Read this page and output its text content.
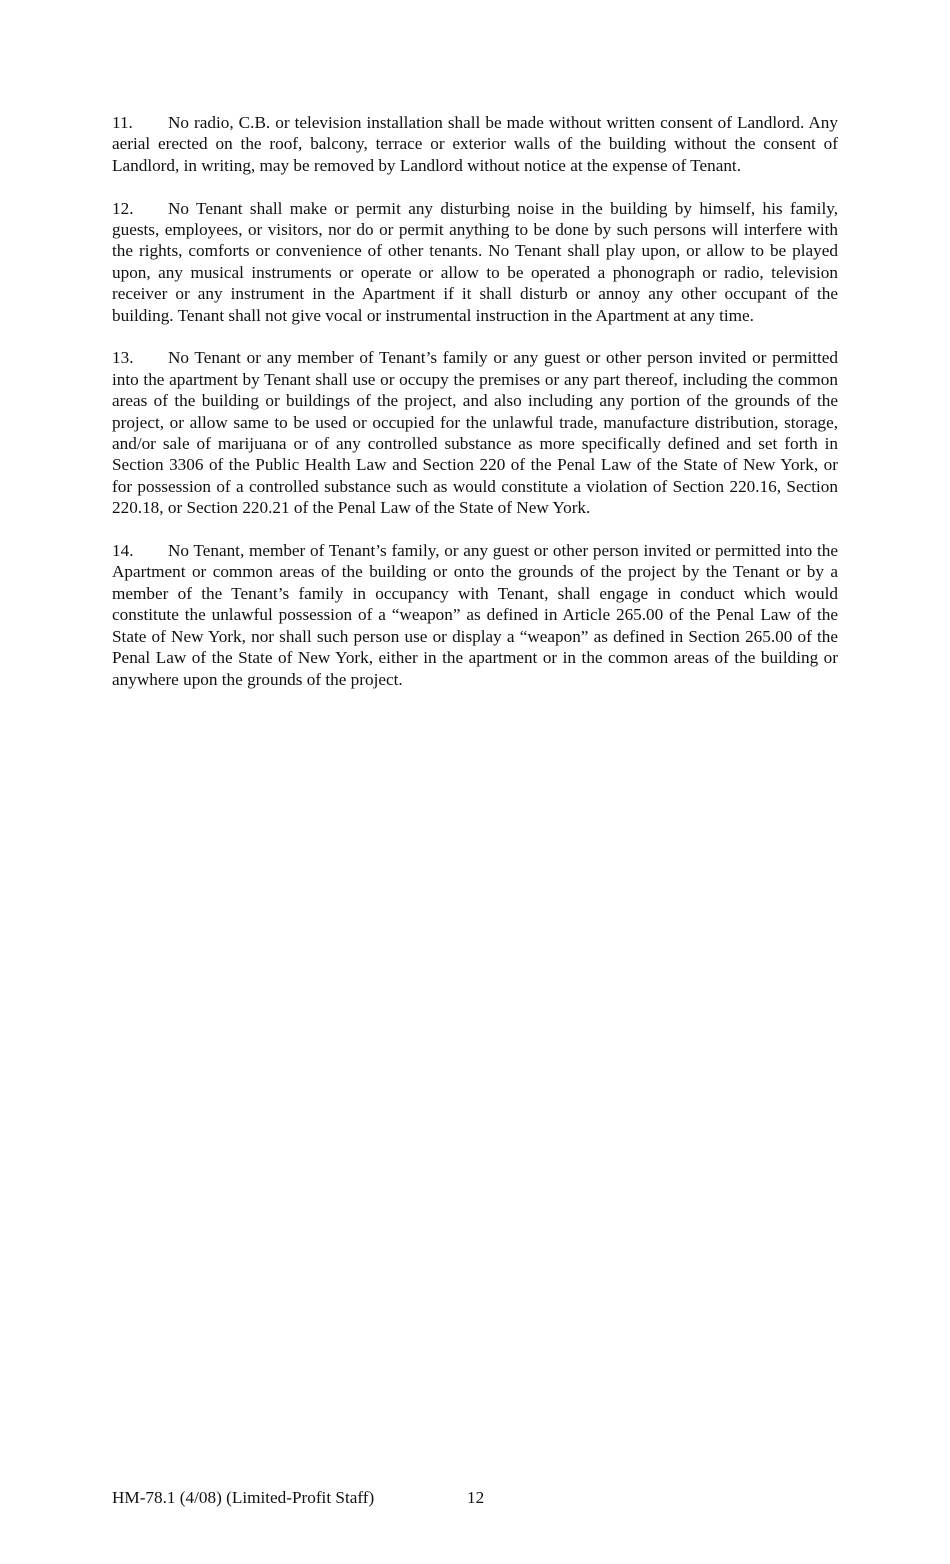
11. No radio, C.B. or television installation shall be made without written consent of Landlord. Any aerial erected on the roof, balcony, terrace or exterior walls of the building without the consent of Landlord, in writing, may be removed by Landlord without notice at the expense of Tenant.

12. No Tenant shall make or permit any disturbing noise in the building by himself, his family, guests, employees, or visitors, nor do or permit anything to be done by such persons will interfere with the rights, comforts or convenience of other tenants. No Tenant shall play upon, or allow to be played upon, any musical instruments or operate or allow to be operated a phonograph or radio, television receiver or any instrument in the Apartment if it shall disturb or annoy any other occupant of the building. Tenant shall not give vocal or instrumental instruction in the Apartment at any time.

13. No Tenant or any member of Tenant’s family or any guest or other person invited or permitted into the apartment by Tenant shall use or occupy the premises or any part thereof, including the common areas of the building or buildings of the project, and also including any portion of the grounds of the project, or allow same to be used or occupied for the unlawful trade, manufacture distribution, storage, and/or sale of marijuana or of any controlled substance as more specifically defined and set forth in Section 3306 of the Public Health Law and Section 220 of the Penal Law of the State of New York, or for possession of a controlled substance such as would constitute a violation of Section 220.16, Section 220.18, or Section 220.21 of the Penal Law of the State of New York.

14. No Tenant, member of Tenant’s family, or any guest or other person invited or permitted into the Apartment or common areas of the building or onto the grounds of the project by the Tenant or by a member of the Tenant’s family in occupancy with Tenant, shall engage in conduct which would constitute the unlawful possession of a “weapon” as defined in Article 265.00 of the Penal Law of the State of New York, nor shall such person use or display a “weapon” as defined in Section 265.00 of the Penal Law of the State of New York, either in the apartment or in the common areas of the building or anywhere upon the grounds of the project.

HM-78.1 (4/08) (Limited-Profit Staff)	12
